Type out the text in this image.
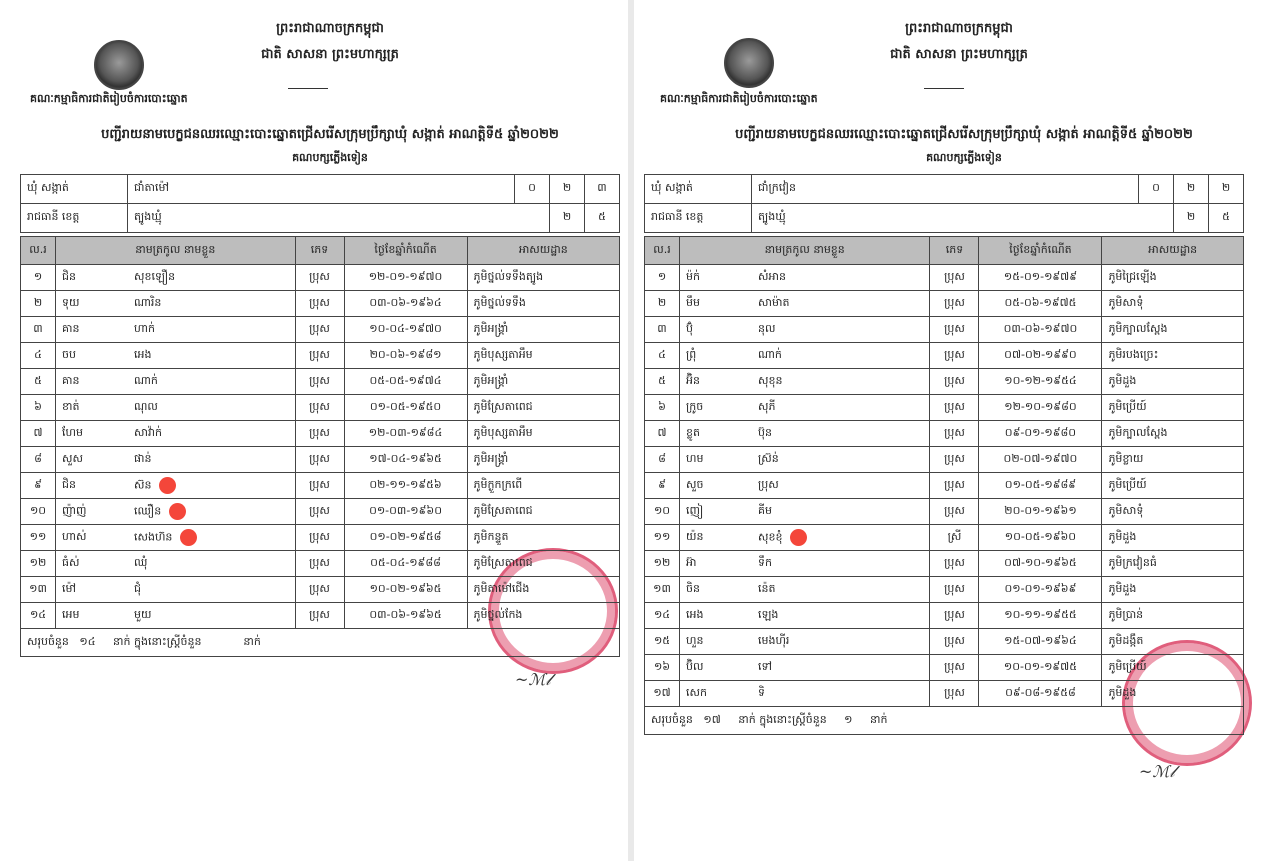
គណៈកម្មាធិការជាតិរៀបចំការបោះឆ្នោត
ព្រះរាជាណាចក្រកម្ពុជា
ជាតិ សាសនា ព្រះមហាក្សត្រ
បញ្ជីរាយនាមបេក្ខជនឈរឈ្មោះបោះឆ្នោតជ្រើសរើសក្រុមប្រឹក្សាឃុំ សង្កាត់ អាណត្តិទី៥ ឆ្នាំ២០២២
គណបក្សភ្លើងទៀន
ឃុំ សង្កាត់	ជាំតាម៉ៅ	០	២	៣
រាជធានី ខេត្ត	ត្បូងឃ្មុំ		២	៥
ល.រ	នាមត្រកូល នាមខ្លួន		ភេទ	ថ្ងៃខែឆ្នាំកំណើត	អាសយដ្ឋាន
១	ជិន	សុខឡឿន	ប្រុស	១២-០១-១៩៧០	ភូមិថ្នល់ទទឹងត្បូង
២	ទុយ	ណារិន	ប្រុស	០៣-០៦-១៩៦៤	ភូមិថ្នល់ទទឹង
៣	គាន	ហាក់	ប្រុស	១០-០៤-១៩៧០	ភូមិអង្គ្រាំ
៤	ចប	អេង	ប្រុស	២០-០៦-១៩៨១	ភូមិបុស្សតាអឹម
៥	គាន	ណាក់	ប្រុស	០៥-០៥-១៩៧៤	ភូមិអង្គ្រាំ
៦	ខាត់	ណុល	ប្រុស	០១-០៥-១៩៥០	ភូមិស្រែតាពេជ
៧	ហែម	សាវ៉ាក់	ប្រុស	១២-០៣-១៩៨៤	ភូមិបុស្សតាអឹម
៨	សួស	ផាន់	ប្រុស	១៧-០៤-១៩៦៥	ភូមិអង្គ្រាំ
៩	ជិន	ស៊ន	ប្រុស	០២-១១-១៩៥៦	ភូមិក្ងួកក្រពើ
១០	ញ៉ាញ់	ឈឿន	ប្រុស	០១-០៣-១៩៦០	ភូមិស្រែតាពេជ
១១	ហាស់	សេងហ៊ន	ប្រុស	០១-០២-១៩៥៨	ភូមិកន្ទួត
១២	ធំស់	ឈុំ	ប្រុស	០៥-០៤-១៩៨៨	ភូមិស្រែតាពេជ
១៣	ម៉ៅ	ជុំ	ប្រុស	១០-០២-១៩៦៥	ភូមិតាម៉ៅជើង
១៤	អេម	មួយ	ប្រុស	០៣-០៦-១៩៦៥	ភូមិថ្នល់កែង
សរុបចំនួន ១៤ នាក់ ក្នុងនោះស្ត្រីចំនួន នាក់					
~ℳ𝓁
គណៈកម្មាធិការជាតិរៀបចំការបោះឆ្នោត
ព្រះរាជាណាចក្រកម្ពុជា
ជាតិ សាសនា ព្រះមហាក្សត្រ
បញ្ជីរាយនាមបេក្ខជនឈរឈ្មោះបោះឆ្នោតជ្រើសរើសក្រុមប្រឹក្សាឃុំ សង្កាត់ អាណត្តិទី៥ ឆ្នាំ២០២២
គណបក្សភ្លើងទៀន
ឃុំ សង្កាត់	ជាំក្រវៀន	០	២	២
រាជធានី ខេត្ត	ត្បូងឃ្មុំ		២	៥
ល.រ	នាមត្រកូល នាមខ្លួន		ភេទ	ថ្ងៃខែឆ្នាំកំណើត	អាសយដ្ឋាន
១	ម៉ក់	សំអាន	ប្រុស	១៥-០១-១៩៧៩	ភូមិជ្រៃឡើង
២	មឹម	សាម៉ាត	ប្រុស	០៥-០៦-១៩៧៥	ភូមិសាទុំ
៣	ប៊ុំ	នុល	ប្រុស	០៣-០៦-១៩៧០	ភូមិក្បាលស្ពែង
៤	ព្រុំ	ណាក់	ប្រុស	០៧-០២-១៩៩០	ភូមិរបងច្រេះ
៥	អ៊ិន	សុខុន	ប្រុស	១០-១២-១៩៥៤	ភូមិដួង
៦	ក្រូច	សុភី	ប្រុស	១២-១០-១៩៨០	ភូមិប្រើយ៍
៧	ខ្លូត	ប៊ុន	ប្រុស	០៩-០១-១៩៨០	ភូមិក្បាលស្ពែង
៨	ហម	ស្រ៊ន់	ប្រុស	០២-០៧-១៩៧០	ភូមិខ្លាយ
៩	សួច	ប្រុស	ប្រុស	០១-០៥-១៩៨៩	ភូមិប្រើយ៍
១០	ញៀ	គីម	ប្រុស	២០-០១-១៩៦១	ភូមិសាទុំ
១១	យ៉ន	សុខខុំ	ស្រី	១០-០៥-១៩៦០	ភូមិដួង
១២	អ៊ា	ទឹក	ប្រុស	០៧-១០-១៩៦៥	ភូមិក្រវៀនធំ
១៣	ចិន	ន៉េត	ប្រុស	០១-០១-១៩៦៩	ភូមិដួង
១៤	អេង	ឡេង	ប្រុស	១០-១១-១៩៥៥	ភូមិប្រាន់
១៥	ហួន	មេងហ៊ីរ	ប្រុស	១៥-០៧-១៩៦៤	ភូមិដង្កឹត
១៦	ប៊ិល	ទៅ	ប្រុស	១០-០១-១៩៧៥	ភូមិប្រើយ៍
១៧	សេក	ទិ	ប្រុស	០៩-០៨-១៩៥៨	ភូមិដួង
សរុបចំនួន ១៧ នាក់ ក្នុងនោះស្ត្រីចំនួន ១ នាក់					
~ℳ𝓁
